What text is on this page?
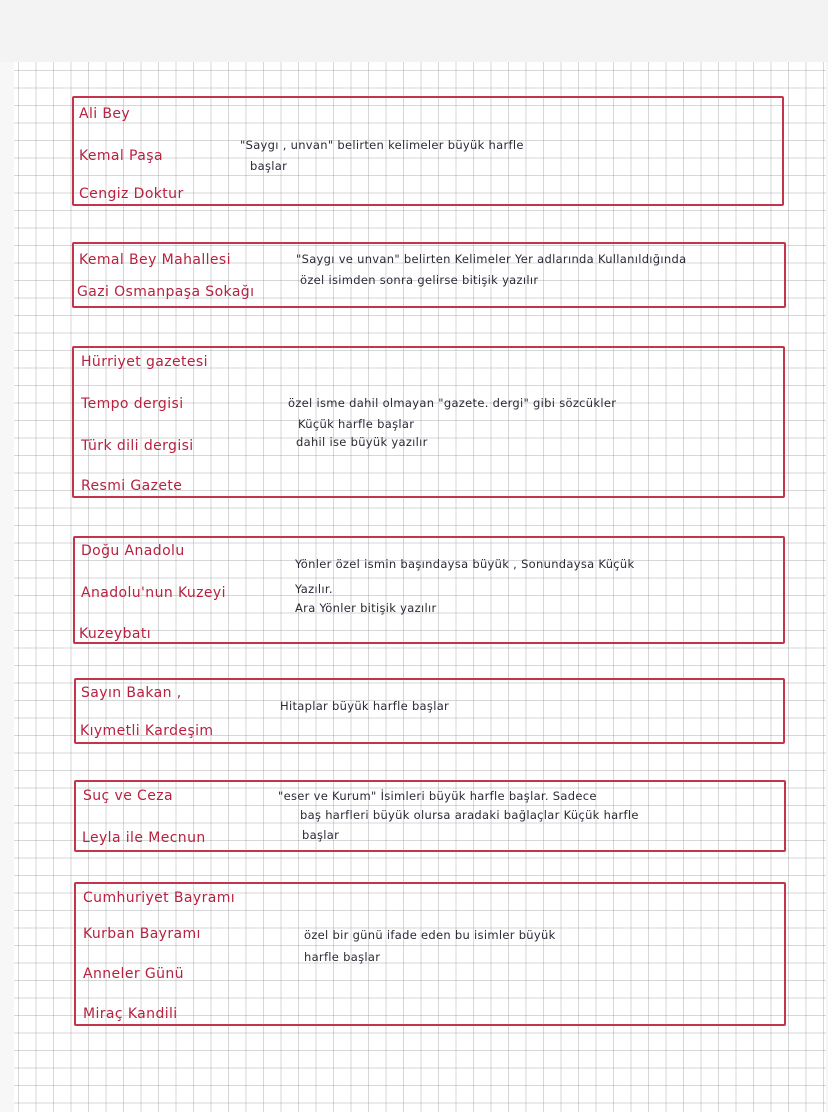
Ali Bey

Kemal Paşa

Cengiz Doktur

"Saygı , unvan" belirten kelimeler büyük harfle

başlar

Kemal Bey Mahallesi

Gazi Osmanpaşa Sokağı

"Saygı ve unvan" belirten Kelimeler Yer adlarında Kullanıldığında

özel isimden sonra gelirse bitişik yazılır

Hürriyet gazetesi

Tempo dergisi

Türk dili dergisi

Resmi Gazete

özel isme dahil olmayan "gazete. dergi" gibi sözcükler

Küçük harfle başlar

dahil ise büyük yazılır

Doğu Anadolu

Anadolu'nun Kuzeyi

Kuzeybatı

Yönler özel ismin başındaysa büyük , Sonundaysa Küçük

Yazılır.

Ara Yönler bitişik yazılır

Sayın Bakan ,

Kıymetli Kardeşim

Hitaplar büyük harfle başlar

Suç ve Ceza

Leyla ile Mecnun

"eser ve Kurum" İsimleri büyük harfle başlar. Sadece

baş harfleri büyük olursa aradaki bağlaçlar Küçük harfle

başlar

Cumhuriyet Bayramı

Kurban Bayramı

Anneler Günü

Miraç Kandili

özel bir günü ifade eden bu isimler büyük

harfle başlar
